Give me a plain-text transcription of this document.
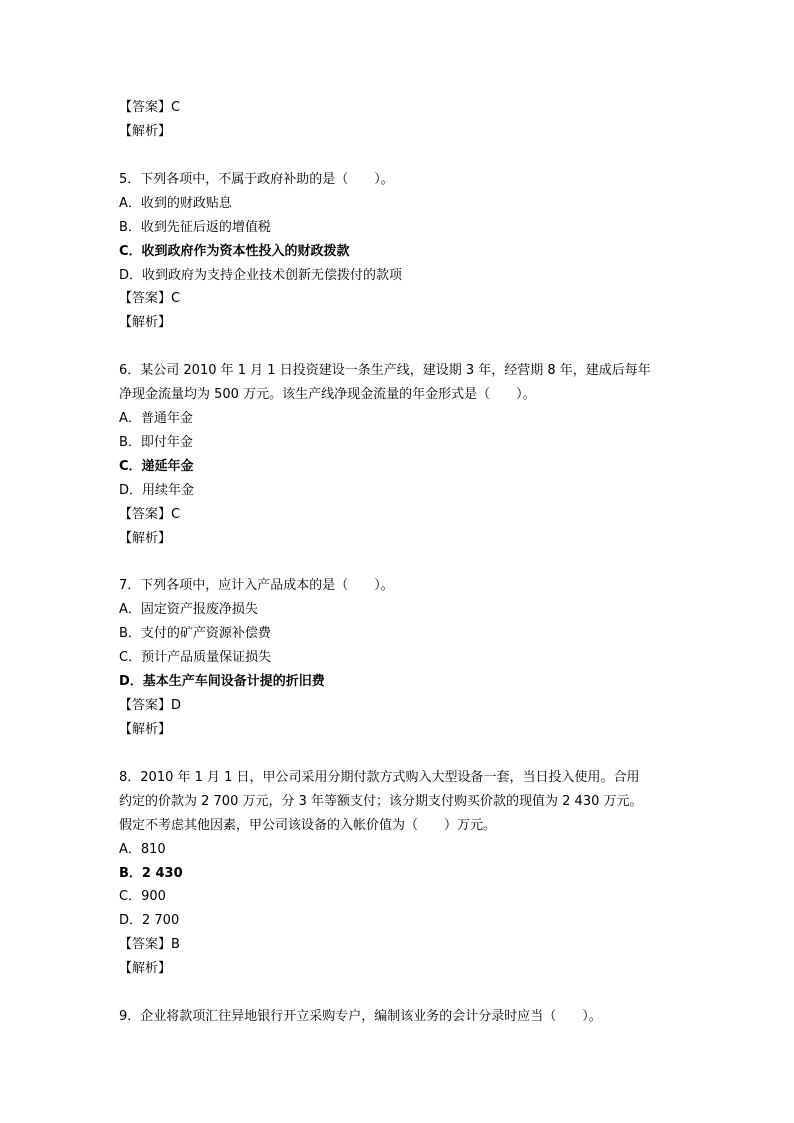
【答案】C
【解析】
5．下列各项中，不属于政府补助的是（　　）。
A．收到的财政贴息
B．收到先征后返的增值税
C．收到政府作为资本性投入的财政拨款
D．收到政府为支持企业技术创新无偿拨付的款项
【答案】C
【解析】
6．某公司 2010 年 1 月 1 日投资建设一条生产线，建设期 3 年，经营期 8 年，建成后每年
净现金流量均为 500 万元。该生产线净现金流量的年金形式是（　　）。
A．普通年金
B．即付年金
C．递延年金
D．用续年金
【答案】C
【解析】
7．下列各项中，应计入产品成本的是（　　）。
A．固定资产报废净损失
B．支付的矿产资源补偿费
C．预计产品质量保证损失
D．基本生产车间设备计提的折旧费
【答案】D
【解析】
8．2010 年 1 月 1 日，甲公司采用分期付款方式购入大型设备一套，当日投入使用。合用
约定的价款为 2 700 万元，分 3 年等额支付；该分期支付购买价款的现值为 2 430 万元。
假定不考虑其他因素，甲公司该设备的入帐价值为（　　）万元。
A．810
B．2 430
C．900
D．2 700
【答案】B
【解析】
9．企业将款项汇往异地银行开立采购专户，编制该业务的会计分录时应当（　　）。
